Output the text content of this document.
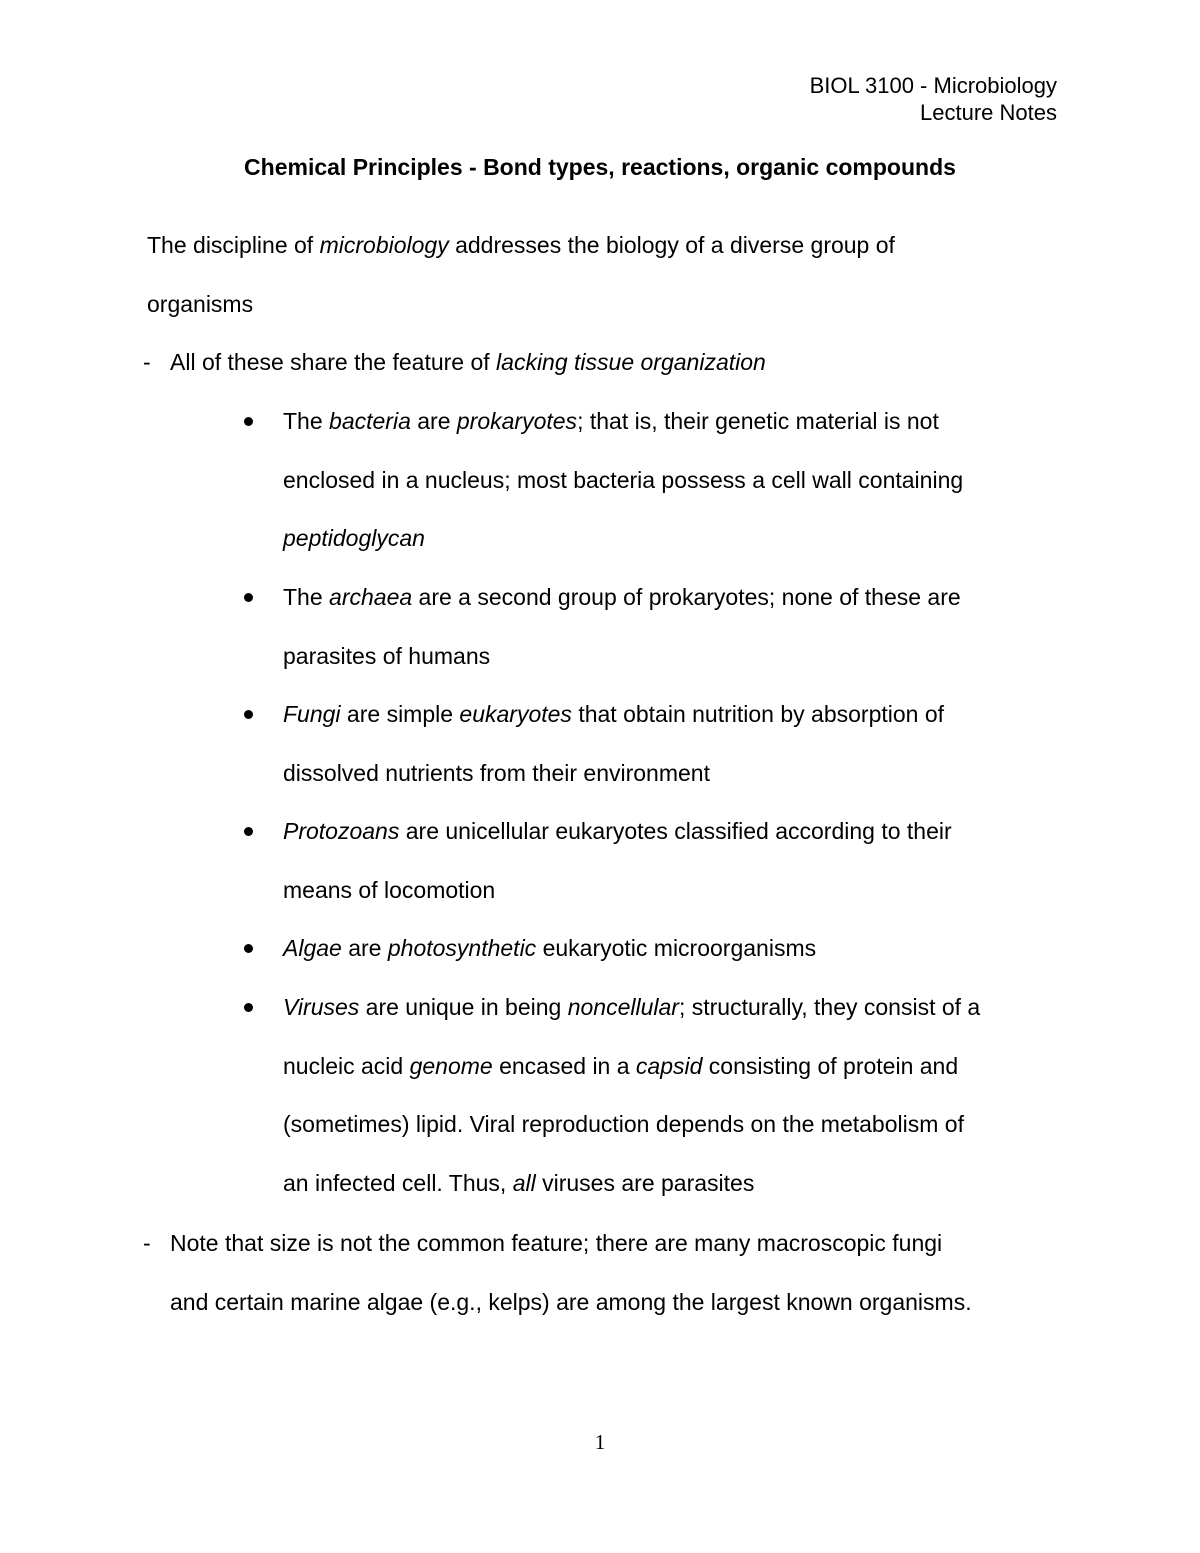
BIOL 3100 - Microbiology
Lecture Notes
Chemical Principles - Bond types, reactions, organic compounds
The discipline of microbiology addresses the biology of a diverse group of
organisms
- All of these share the feature of lacking tissue organization
The bacteria are prokaryotes; that is, their genetic material is not
enclosed in a nucleus; most bacteria possess a cell wall containing
peptidoglycan
The archaea are a second group of prokaryotes; none of these are
parasites of humans
Fungi are simple eukaryotes that obtain nutrition by absorption of
dissolved nutrients from their environment
Protozoans are unicellular eukaryotes classified according to their
means of locomotion
Algae are photosynthetic eukaryotic microorganisms
Viruses are unique in being noncellular; structurally, they consist of a
nucleic acid genome encased in a capsid consisting of protein and
(sometimes) lipid. Viral reproduction depends on the metabolism of
an infected cell. Thus, all viruses are parasites
- Note that size is not the common feature; there are many macroscopic fungi
and certain marine algae (e.g., kelps) are among the largest known organisms.
1
